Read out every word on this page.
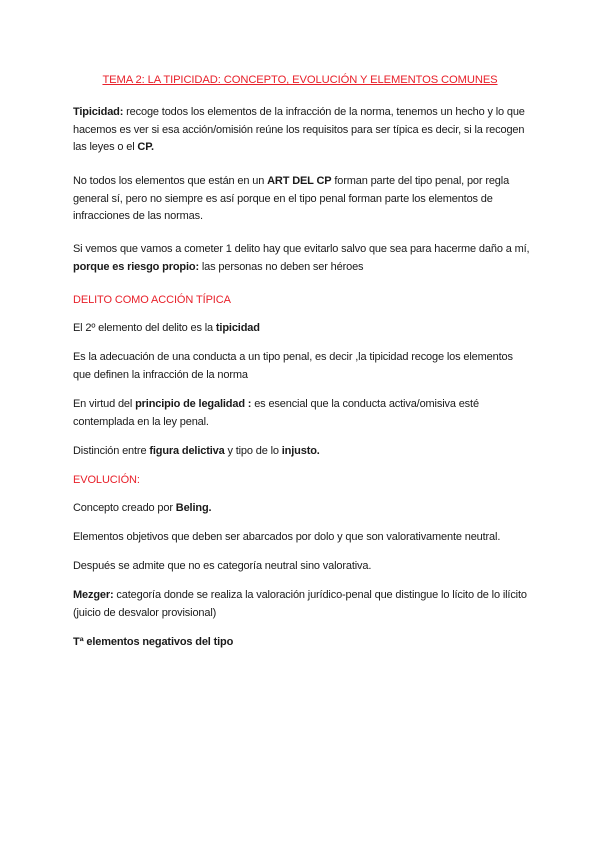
TEMA 2: LA TIPICIDAD: CONCEPTO, EVOLUCIÓN Y ELEMENTOS COMUNES

Tipicidad: recoge todos los elementos de la infracción de la norma, tenemos un hecho y lo que hacemos es ver si esa acción/omisión reúne los requisitos para ser típica es decir, si la recogen las leyes o el CP.

No todos los elementos que están en un ART DEL CP forman parte del tipo penal, por regla general sí, pero no siempre es así porque en el tipo penal forman parte los elementos de infracciones de las normas.

Si vemos que vamos a cometer 1 delito hay que evitarlo salvo que sea para hacerme daño a mí, porque es riesgo propio: las personas no deben ser héroes

DELITO COMO ACCIÓN TÍPICA

El 2º elemento del delito es la tipicidad

Es la adecuación de una conducta a un tipo penal, es decir ,la tipicidad recoge los elementos que definen la infracción de la norma

En virtud del principio de legalidad : es esencial que la conducta activa/omisiva esté contemplada en la ley penal.

Distinción entre figura delictiva y tipo de lo injusto.

EVOLUCIÓN:

Concepto creado por Beling.

Elementos objetivos que deben ser abarcados por dolo y que son valorativamente neutral.

Después se admite que no es categoría neutral sino valorativa.

Mezger: categoría donde se realiza la valoración jurídico-penal que distingue lo lícito de lo ilícito (juicio de desvalor provisional)

Tª elementos negativos del tipo
